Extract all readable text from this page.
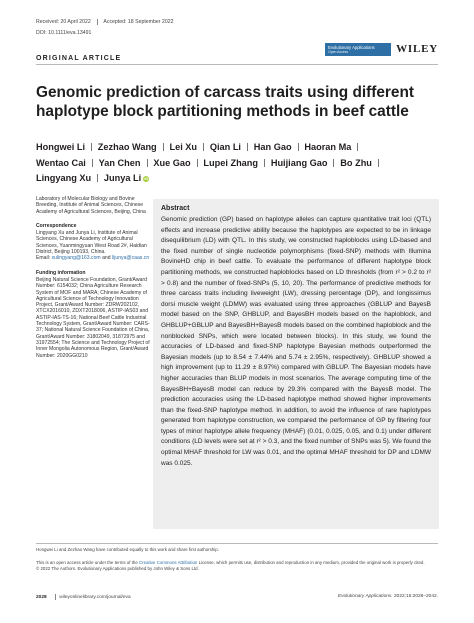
Received: 20 April 2022 Accepted: 18 September 2022
DOI: 10.1111/eva.13491
Evolutionary Applications
Open Access	WILEY
ORIGINAL ARTICLE
Genomic prediction of carcass traits using different haplotype block partitioning methods in beef cattle
Hongwei Li Zezhao Wang Lei Xu Qian Li Han Gao Haoran Ma
Wentao Cai Yan Chen Xue Gao Lupei Zhang Huijiang Gao Bo Zhu
Lingyang Xu Junya Li iD

Laboratory of Molecular Biology and Bovine Breeding, Institute of Animal Sciences, Chinese Academy of Agricultural Sciences, Beijing, China

Correspondence

Lingyang Xu and Junya Li, Institute of Animal Sciences, Chinese Academy of Agricultural Sciences, Yuanmingyuan West Road 2#, Haidian District, Beijing 100193, China.
Email: xulingyang@163.com and lijunya@caas.cn

Funding information

Beijing Natural Science Foundation, Grant/Award Number: 6154032; China Agriculture Research System of MOF and MARA; Chinese Academy of Agricultural Science of Technology Innovation Project, Grant/Award Number: ZDRW202102, XTCX2016010, ZDXT2018006, ASTIP-IAS03 and ASTIP-IAS-TS-16; National Beef Cattle Industrial Technology System, Grant/Award Number: CARS-37; National Natural Science Foundation of China, Grant/Award Number: 31802049, 31872975 and 31972554; The Science and Technology Project of Inner Mongolia Autonomous Region, Grant/Award Number: 2020GG0210

Abstract

Genomic prediction (GP) based on haplotype alleles can capture quantitative trait loci (QTL) effects and increase predictive ability because the haplotypes are expected to be in linkage disequilibrium (LD) with QTL. In this study, we constructed haploblocks using LD-based and the fixed number of single nucleotide polymorphisms (fixed-SNP) methods with Illumina BovineHD chip in beef cattle. To evaluate the performance of different haplotype block partitioning methods, we constructed haploblocks based on LD thresholds (from r² > 0.2 to r² > 0.8) and the number of fixed-SNPs (5, 10, 20). The performance of predictive methods for three carcass traits including liveweight (LW), dressing percentage (DP), and longissimus dorsi muscle weight (LDMW) was evaluated using three approaches (GBLUP and BayesB model based on the SNP, GHBLUP, and BayesBH models based on the haploblock, and GHBLUP+GBLUP and BayesBH+BayesB models based on the combined haploblock and the nonblocked SNPs, which were located between blocks). In this study, we found the accuracies of LD-based and fixed-SNP haplotype Bayesian methods outperformed the Bayesian models (up to 8.54 ± 7.44% and 5.74 ± 2.95%, respectively). GHBLUP showed a high improvement (up to 11.29 ± 8.97%) compared with GBLUP. The Bayesian models have higher accuracies than BLUP models in most scenarios. The average computing time of the BayesBH+BayesB model can reduce by 29.3% compared with the BayesB model. The prediction accuracies using the LD-based haplotype method showed higher improvements than the fixed-SNP haplotype method. In addition, to avoid the influence of rare haplotypes generated from haplotype construction, we compared the performance of GP by filtering four types of minor haplotype allele frequency (MHAF) (0.01, 0.025, 0.05, and 0.1) under different conditions (LD levels were set at r² > 0.3, and the fixed number of SNPs was 5). We found the optimal MHAF threshold for LW was 0.01, and the optimal MHAF threshold for DP and LDMW was 0.025.

Hongwei Li and Zezhao Wang have contributed equally to this work and share first authorship.
This is an open access article under the terms of the Creative Commons Attribution License, which permits use, distribution and reproduction in any medium, provided the original work is properly cited.
© 2022 The Authors. Evolutionary Applications published by John Wiley & Sons Ltd.
2028	wileyonlinelibrary.com/journal/eva	Evolutionary Applications. 2022;15:2028–2042.
